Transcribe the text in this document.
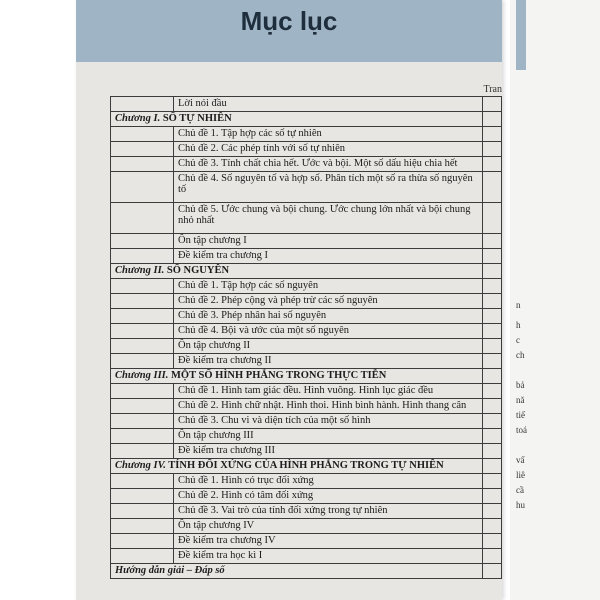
Mục lục
Tran
	Lời nói đầu	
Chương I. SỐ TỰ NHIÊN		
	Chủ đề 1. Tập hợp các số tự nhiên	
	Chủ đề 2. Các phép tính với số tự nhiên	
	Chủ đề 3. Tính chất chia hết. Ước và bội. Một số dấu hiệu chia hết	
	Chủ đề 4. Số nguyên tố và hợp số. Phân tích một số ra thừa số nguyên tố	
	Chủ đề 5. Ước chung và bội chung. Ước chung lớn nhất và bội chung nhỏ nhất	
	Ôn tập chương I	
	Đề kiểm tra chương I	
Chương II. SỐ NGUYÊN		
	Chủ đề 1. Tập hợp các số nguyên	
	Chủ đề 2. Phép cộng và phép trừ các số nguyên	
	Chủ đề 3. Phép nhân hai số nguyên	
	Chủ đề 4. Bội và ước của một số nguyên	
	Ôn tập chương II	
	Đề kiểm tra chương II	
Chương III. MỘT SỐ HÌNH PHẲNG TRONG THỰC TIỄN		
	Chủ đề 1. Hình tam giác đều. Hình vuông. Hình lục giác đều	
	Chủ đề 2. Hình chữ nhật. Hình thoi. Hình bình hành. Hình thang cân	
	Chủ đề 3. Chu vi và diện tích của một số hình	
	Ôn tập chương III	
	Đề kiểm tra chương III	
Chương IV. TÍNH ĐỐI XỨNG CỦA HÌNH PHẲNG TRONG TỰ NHIÊN		
	Chủ đề 1. Hình có trục đối xứng	
	Chủ đề 2. Hình có tâm đối xứng	
	Chủ đề 3. Vai trò của tính đối xứng trong tự nhiên	
	Ôn tập chương IV	
	Đề kiểm tra chương IV	
	Đề kiểm tra học kì I	
Hướng dẫn giải – Đáp số		
n
h
c
ch
bả
nă
tiế
toá
vấ
liê
cầ
hu
